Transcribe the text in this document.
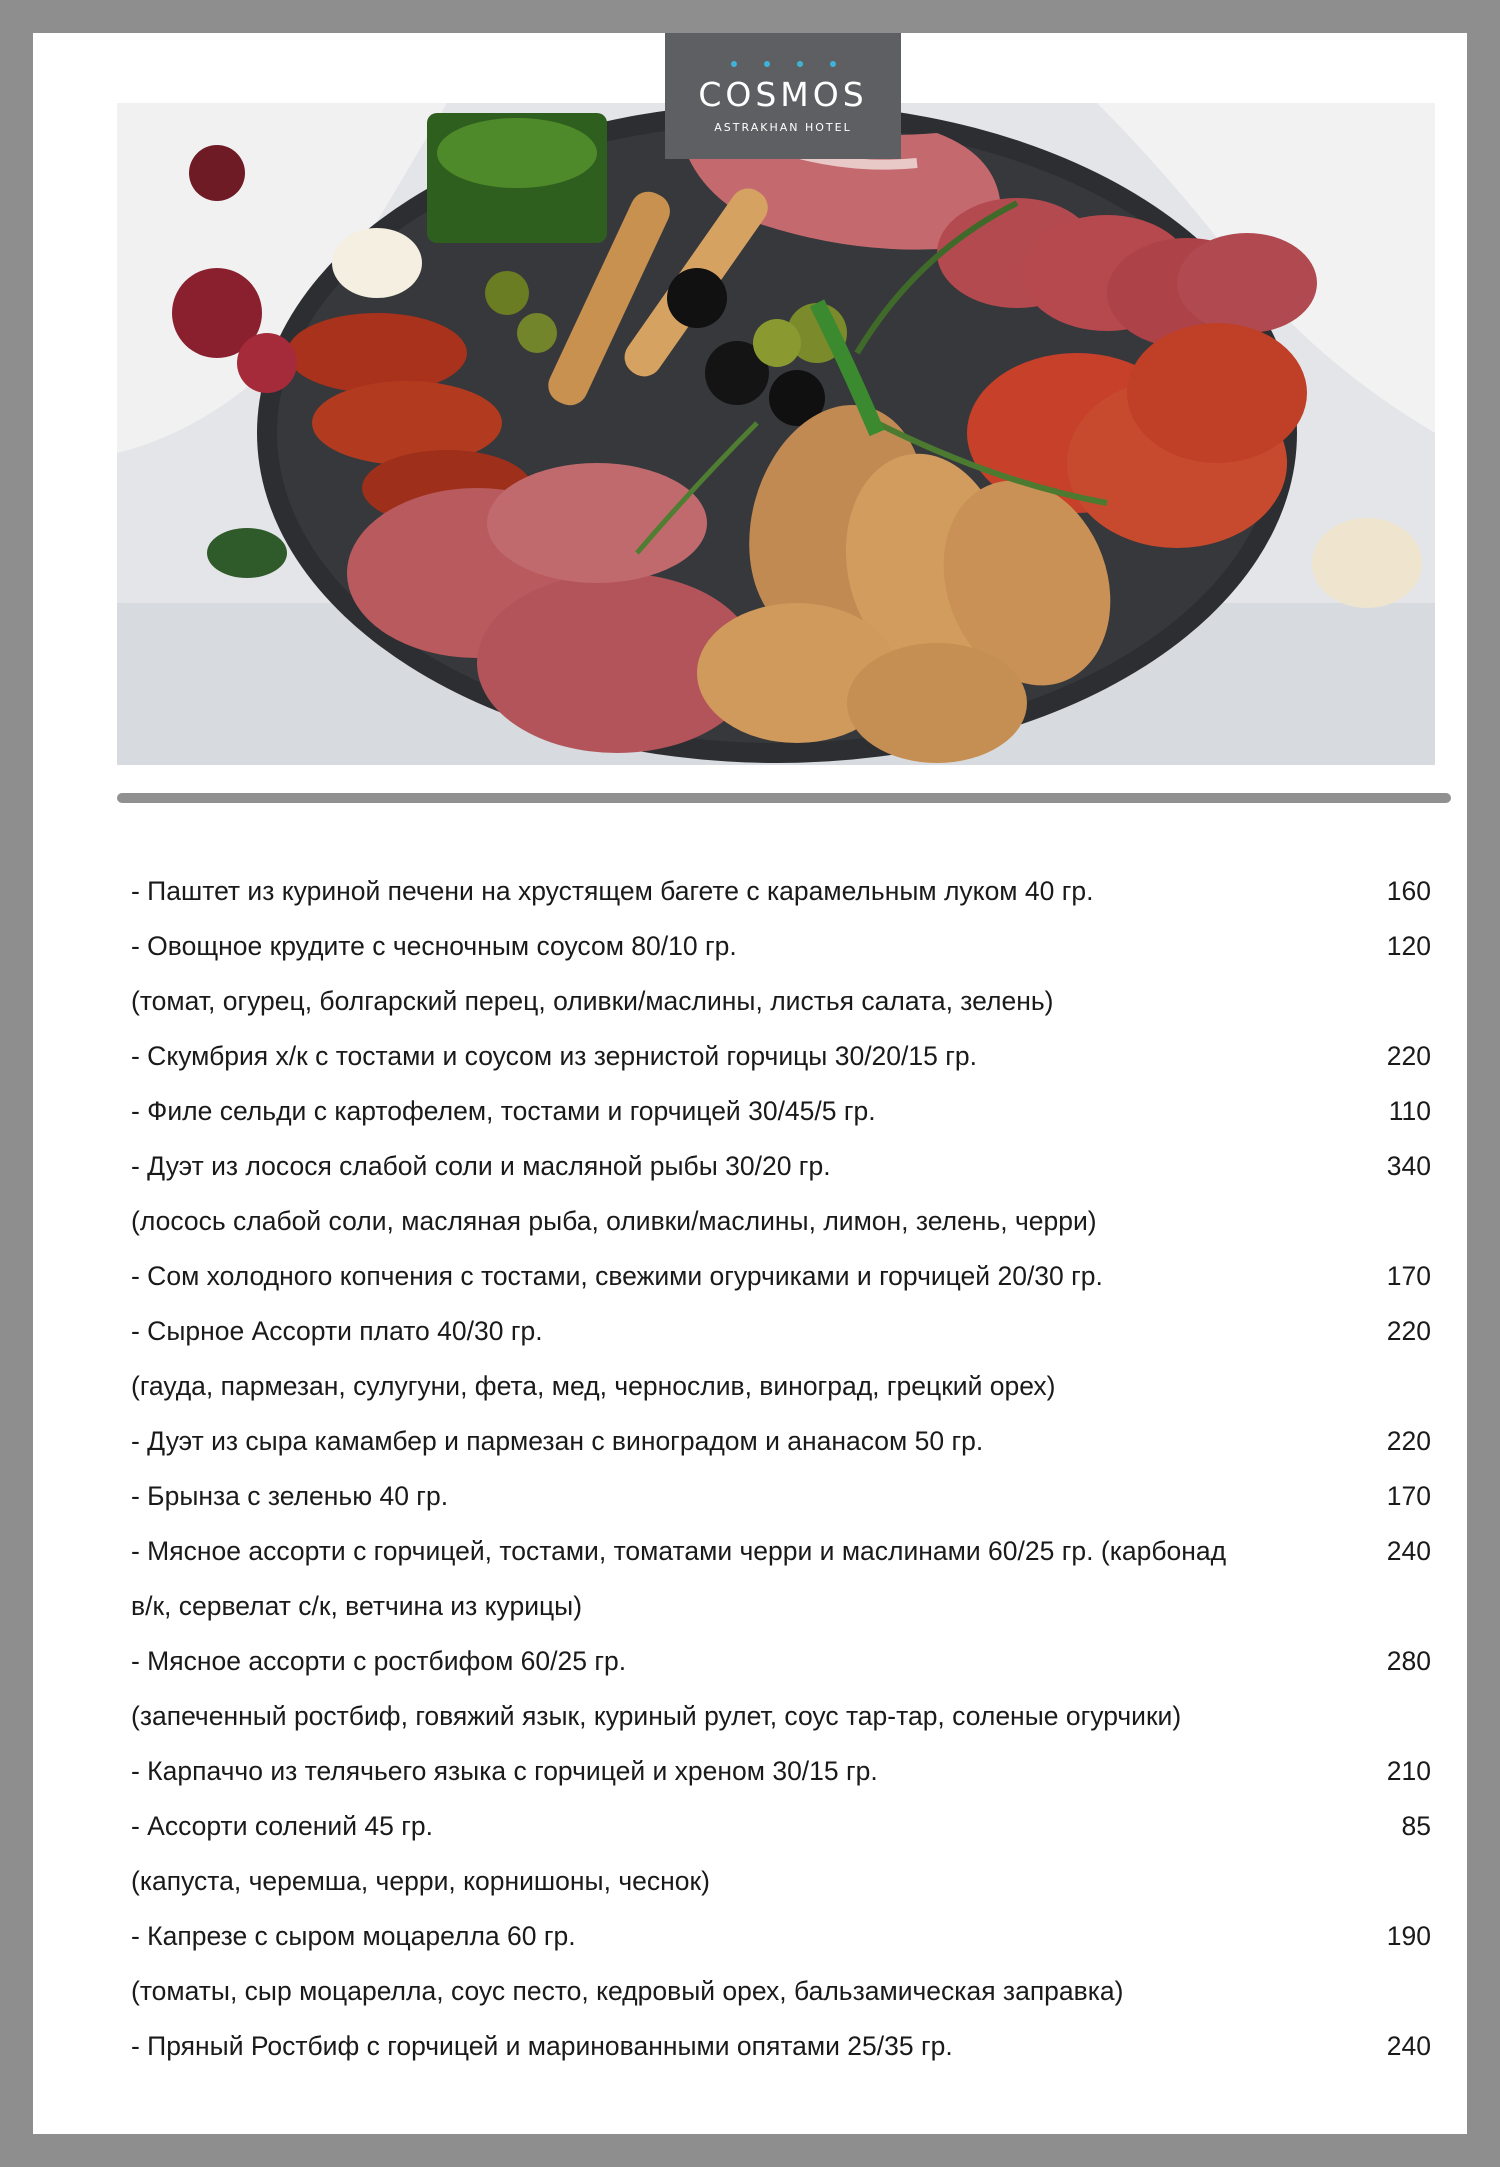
COSMOS
ASTRAKHAN HOTEL
- Паштет из куриной печени на хрустящем багете с карамельным луком 40 гр.	160
- Овощное крудите с чесночным соусом 80/10 гр.	120
(томат, огурец, болгарский перец, оливки/маслины, листья салата, зелень)
- Скумбрия х/к с тостами и соусом из зернистой горчицы 30/20/15 гр.	220
- Филе сельди с картофелем, тостами и горчицей 30/45/5 гр.	110
- Дуэт из лосося слабой соли и масляной рыбы 30/20 гр.	340
(лосось слабой соли, масляная рыба, оливки/маслины, лимон, зелень, черри)
- Сом холодного копчения с тостами, свежими огурчиками и горчицей 20/30 гр.	170
- Сырное Ассорти плато 40/30 гр.	220
(гауда, пармезан, сулугуни, фета, мед, чернослив, виноград, грецкий орех)
- Дуэт из сыра камамбер и пармезан с виноградом и ананасом 50 гр.	220
- Брынза с зеленью 40 гр.	170
- Мясное ассорти с горчицей, тостами, томатами черри и маслинами 60/25 гр. (карбонад	240
в/к, сервелат с/к, ветчина из курицы)
- Мясное ассорти с ростбифом 60/25 гр.	280
(запеченный ростбиф, говяжий язык, куриный рулет, соус тар-тар, соленые огурчики)
- Карпаччо из телячьего языка с горчицей и хреном 30/15 гр.	210
- Ассорти солений 45 гр.	85
(капуста, черемша, черри, корнишоны, чеснок)
- Капрезе с сыром моцарелла 60 гр.	190
(томаты, сыр моцарелла, соус песто, кедровый орех, бальзамическая заправка)
- Пряный Ростбиф с горчицей и маринованными опятами 25/35 гр.	240
